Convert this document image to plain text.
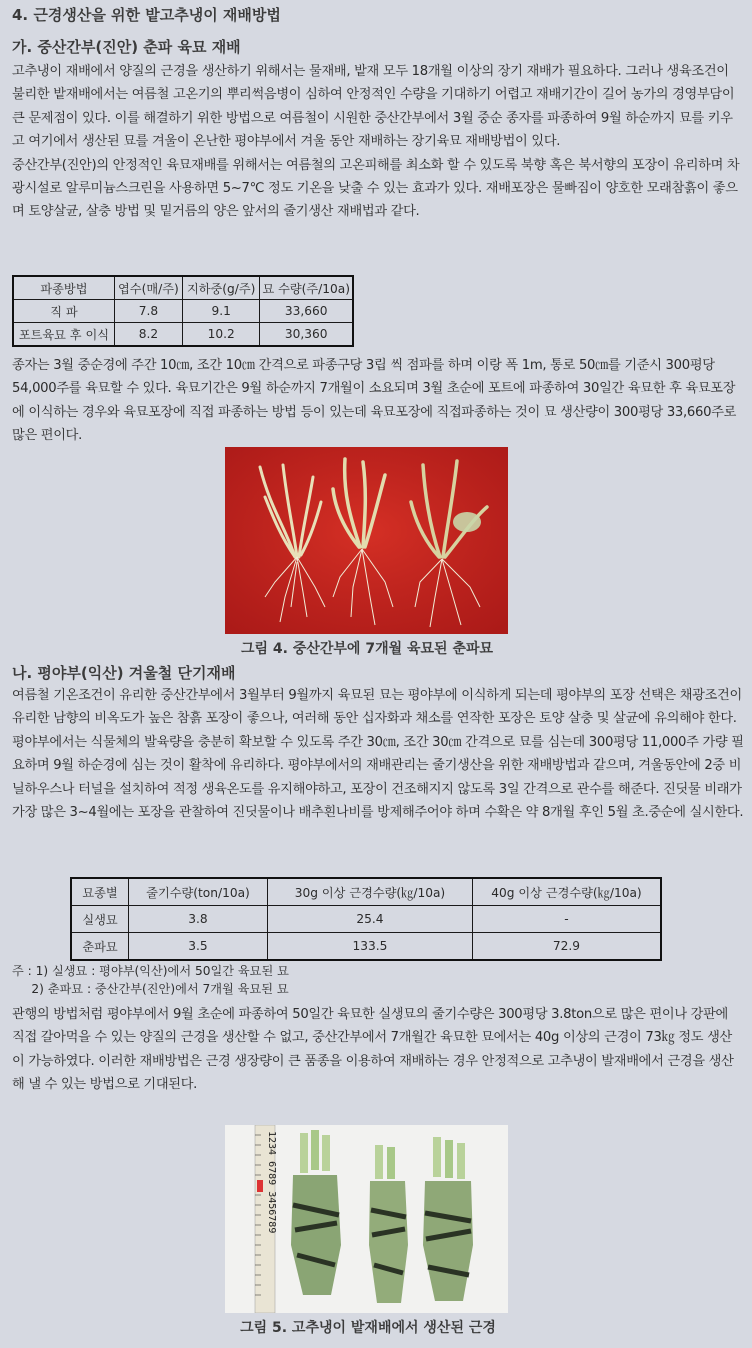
4. 근경생산을 위한 밭고추냉이 재배방법
가. 중산간부(진안) 춘파 육묘 재배

고추냉이 재배에서 양질의 근경을 생산하기 위해서는 물재배, 밭재 모두 18개월 이상의 장기 재배가 필요하다. 그러나 생육조건이 불리한 밭재배에서는 여름철 고온기의 뿌리썩음병이 심하여 안정적인 수량을 기대하기 어렵고 재배기간이 길어 농가의 경영부담이 큰 문제점이 있다. 이를 해결하기 위한 방법으로 여름철이 시원한 중산간부에서 3월 중순 종자를 파종하여 9월 하순까지 묘를 키우고 여기에서 생산된 묘를 겨울이 온난한 평야부에서 겨울 동안 재배하는 장기육묘 재배방법이 있다.

중산간부(진안)의 안정적인 육묘재배를 위해서는 여름철의 고온피해를 최소화 할 수 있도록 북향 혹은 북서향의 포장이 유리하며 차광시설로 알루미늄스크린을 사용하면 5~7℃ 정도 기온을 낮출 수 있는 효과가 있다. 재배포장은 물빠짐이 양호한 모래참흙이 좋으며 토양살균, 살충 방법 및 밑거름의 양은 앞서의 줄기생산 재배법과 같다.

파종방법	엽수(매/주)	지하중(g/주)	묘 수량(주/10a)
직 파	7.8	9.1	33,660
포트육묘 후 이식	8.2	10.2	30,360

종자는 3월 중순경에 주간 10㎝, 조간 10㎝ 간격으로 파종구당 3립 씩 점파를 하며 이랑 폭 1m, 통로 50㎝를 기준시 300평당 54,000주를 육묘할 수 있다. 육묘기간은 9월 하순까지 7개월이 소요되며 3월 초순에 포트에 파종하여 30일간 육묘한 후 육묘포장에 이식하는 경우와 육묘포장에 직접 파종하는 방법 등이 있는데 육묘포장에 직접파종하는 것이 묘 생산량이 300평당 33,660주로 많은 편이다.

그림 4. 중산간부에 7개월 육묘된 춘파묘
나. 평야부(익산) 겨울철 단기재배

여름철 기온조건이 유리한 중산간부에서 3월부터 9월까지 육묘된 묘는 평야부에 이식하게 되는데 평야부의 포장 선택은 채광조건이 유리한 남향의 비옥도가 높은 참흙 포장이 좋으나, 여러해 동안 십자화과 채소를 연작한 포장은 토양 살충 및 살균에 유의해야 한다. 평야부에서는 식물체의 발육량을 충분히 확보할 수 있도록 주간 30㎝, 조간 30㎝ 간격으로 묘를 심는데 300평당 11,000주 가량 필요하며 9월 하순경에 심는 것이 활착에 유리하다. 평야부에서의 재배관리는 줄기생산을 위한 재배방법과 같으며, 겨울동안에 2중 비닐하우스나 터널을 설치하여 적정 생육온도를 유지해야하고, 포장이 건조해지지 않도록 3일 간격으로 관수를 해준다. 진딧물 비래가 가장 많은 3~4월에는 포장을 관찰하여 진딧물이나 배추흰나비를 방제해주어야 하며 수확은 약 8개월 후인 5월 초.중순에 실시한다.

묘종별	줄기수량(ton/10a)	30g 이상 근경수량(㎏/10a)	40g 이상 근경수량(㎏/10a)
실생묘	3.8	25.4	-
춘파묘	3.5	133.5	72.9
주 : 1) 실생묘 : 평야부(익산)에서 50일간 육묘된 묘
2) 춘파묘 : 중산간부(진안)에서 7개월 육묘된 묘

관행의 방법처럼 평야부에서 9월 초순에 파종하여 50일간 육묘한 실생묘의 줄기수량은 300평당 3.8ton으로 많은 편이나 강판에 직접 갈아먹을 수 있는 양질의 근경을 생산할 수 없고, 중산간부에서 7개월간 육묘한 묘에서는 40g 이상의 근경이 73㎏ 정도 생산이 가능하였다. 이러한 재배방법은 근경 생장량이 큰 품종을 이용하여 재배하는 경우 안정적으로 고추냉이 발재배에서 근경을 생산해 낼 수 있는 방법으로 기대된다.

1234 6789 3456789
그림 5. 고추냉이 밭재배에서 생산된 근경
